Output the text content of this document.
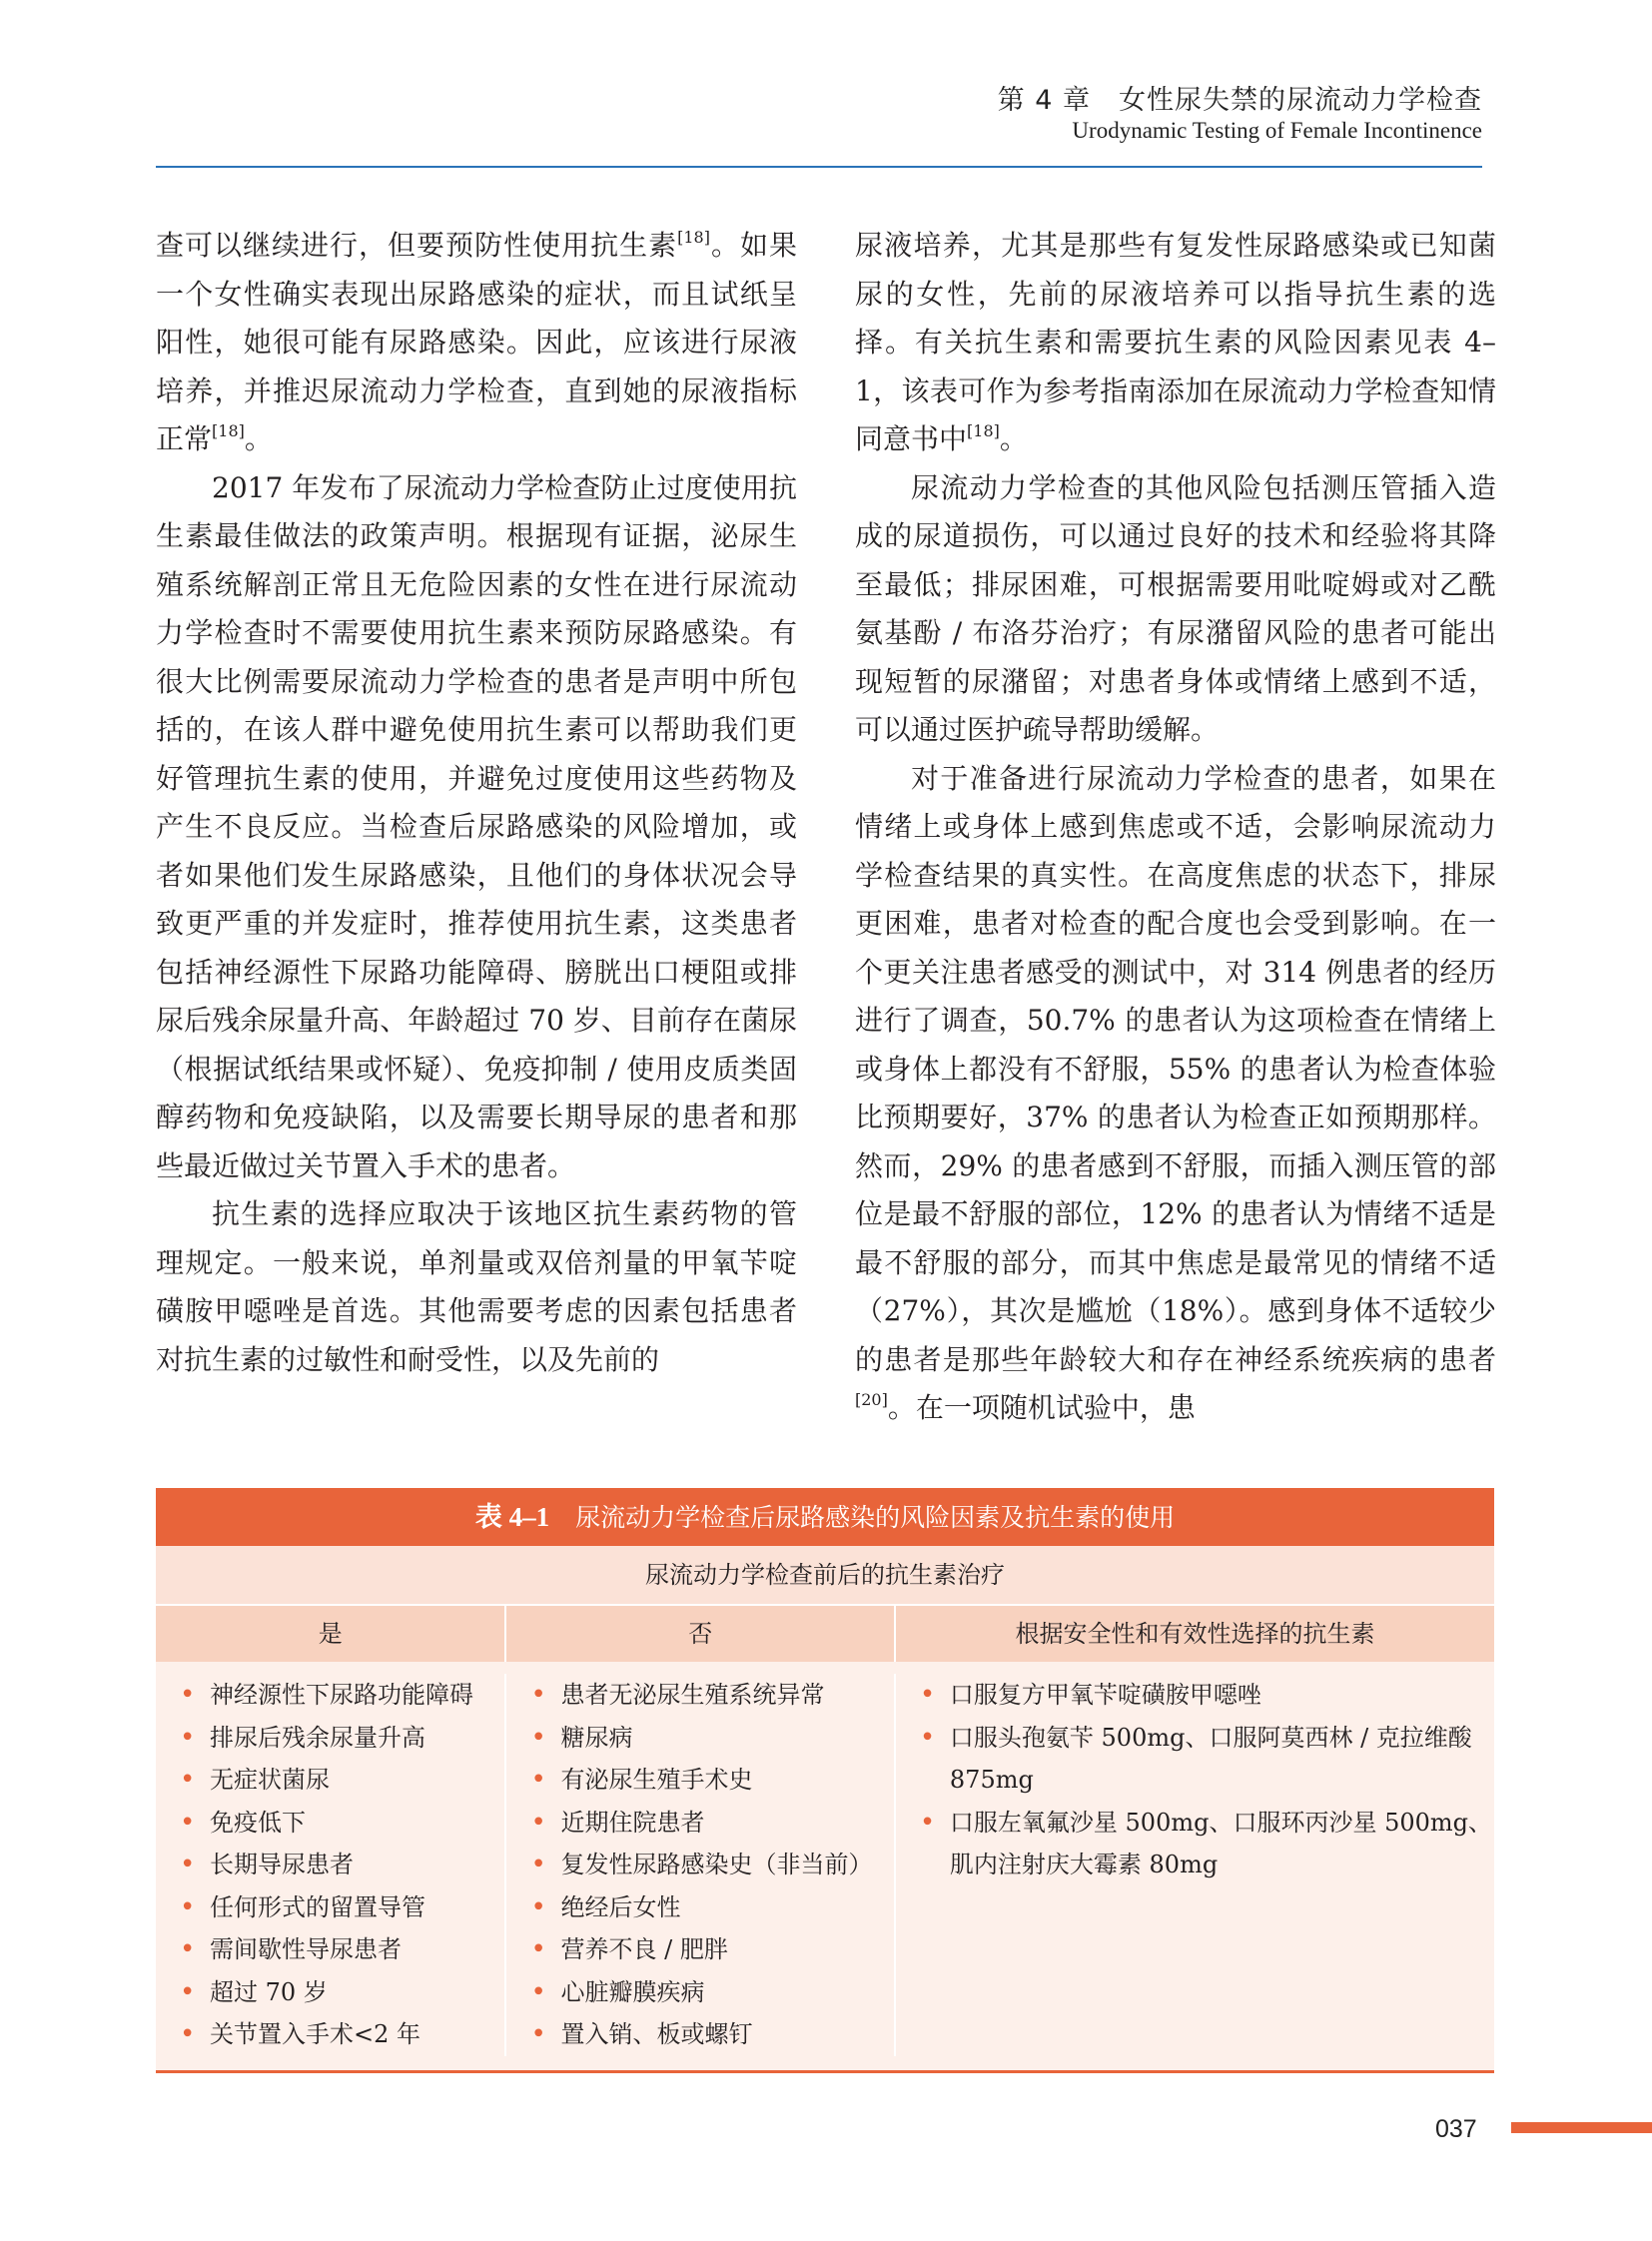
第 4 章　女性尿失禁的尿流动力学检查
Urodynamic Testing of Female Incontinence

查可以继续进行，但要预防性使用抗生素[18]。如果一个女性确实表现出尿路感染的症状，而且试纸呈阳性，她很可能有尿路感染。因此，应该进行尿液培养，并推迟尿流动力学检查，直到她的尿液指标正常[18]。

2017 年发布了尿流动力学检查防止过度使用抗生素最佳做法的政策声明。根据现有证据，泌尿生殖系统解剖正常且无危险因素的女性在进行尿流动力学检查时不需要使用抗生素来预防尿路感染。有很大比例需要尿流动力学检查的患者是声明中所包括的，在该人群中避免使用抗生素可以帮助我们更好管理抗生素的使用，并避免过度使用这些药物及产生不良反应。当检查后尿路感染的风险增加，或者如果他们发生尿路感染，且他们的身体状况会导致更严重的并发症时，推荐使用抗生素，这类患者包括神经源性下尿路功能障碍、膀胱出口梗阻或排尿后残余尿量升高、年龄超过 70 岁、目前存在菌尿（根据试纸结果或怀疑）、免疫抑制 / 使用皮质类固醇药物和免疫缺陷，以及需要长期导尿的患者和那些最近做过关节置入手术的患者。

抗生素的选择应取决于该地区抗生素药物的管理规定。一般来说，单剂量或双倍剂量的甲氧苄啶磺胺甲噁唑是首选。其他需要考虑的因素包括患者对抗生素的过敏性和耐受性，以及先前的

尿液培养，尤其是那些有复发性尿路感染或已知菌尿的女性，先前的尿液培养可以指导抗生素的选择。有关抗生素和需要抗生素的风险因素见表 4–1，该表可作为参考指南添加在尿流动力学检查知情同意书中[18]。

尿流动力学检查的其他风险包括测压管插入造成的尿道损伤，可以通过良好的技术和经验将其降至最低；排尿困难，可根据需要用吡啶姆或对乙酰氨基酚 / 布洛芬治疗；有尿潴留风险的患者可能出现短暂的尿潴留；对患者身体或情绪上感到不适，可以通过医护疏导帮助缓解。

对于准备进行尿流动力学检查的患者，如果在情绪上或身体上感到焦虑或不适，会影响尿流动力学检查结果的真实性。在高度焦虑的状态下，排尿更困难，患者对检查的配合度也会受到影响。在一个更关注患者感受的测试中，对 314 例患者的经历进行了调查，50.7% 的患者认为这项检查在情绪上或身体上都没有不舒服，55% 的患者认为检查体验比预期要好，37% 的患者认为检查正如预期那样。然而，29% 的患者感到不舒服，而插入测压管的部位是最不舒服的部位，12% 的患者认为情绪不适是最不舒服的部分，而其中焦虑是最常见的情绪不适（27%），其次是尴尬（18%）。感到身体不适较少的患者是那些年龄较大和存在神经系统疾病的患者[20]。在一项随机试验中，患

表 4–1 尿流动力学检查后尿路感染的风险因素及抗生素的使用
尿流动力学检查前后的抗生素治疗
是	否	根据安全性和有效性选择的抗生素
• 神经源性下尿路功能障碍
• 排尿后残余尿量升高
• 无症状菌尿
• 免疫低下
• 长期导尿患者
• 任何形式的留置导管
• 需间歇性导尿患者
• 超过 70 岁
• 关节置入手术<2 年
• 患者无泌尿生殖系统异常
• 糖尿病
• 有泌尿生殖手术史
• 近期住院患者
• 复发性尿路感染史（非当前）
• 绝经后女性
• 营养不良 / 肥胖
• 心脏瓣膜疾病
• 置入销、板或螺钉
• 口服复方甲氧苄啶磺胺甲噁唑
• 口服头孢氨苄 500mg、口服阿莫西林 / 克拉维酸 875mg
• 口服左氧氟沙星 500mg、口服环丙沙星 500mg、肌内注射庆大霉素 80mg
037
